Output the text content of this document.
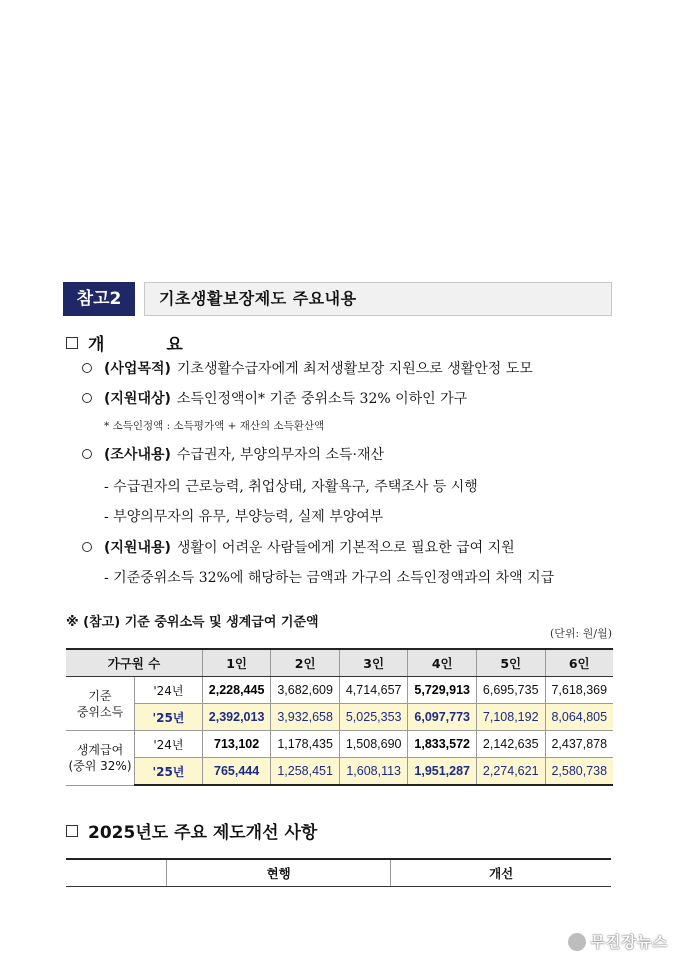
참고2	기초생활보장제도 주요내용
개 요
(사업목적) 기초생활수급자에게 최저생활보장 지원으로 생활안정 도모
(지원대상) 소득인정액이* 기준 중위소득 32% 이하인 가구
* 소득인정액 : 소득평가액 + 재산의 소득환산액
(조사내용) 수급권자, 부양의무자의 소득·재산
- 수급권자의 근로능력, 취업상태, 자활욕구, 주택조사 등 시행
- 부양의무자의 유무, 부양능력, 실제 부양여부
(지원내용) 생활이 어려운 사람들에게 기본적으로 필요한 급여 지원
- 기준중위소득 32%에 해당하는 금액과 가구의 소득인정액과의 차액 지급
※ (참고) 기준 중위소득 및 생계급여 기준액
(단위: 원/월)
가구원 수		1인	2인	3인	4인	5인	6인
기준
중위소득	'24년	2,228,445	3,682,609	4,714,657	5,729,913	6,695,735	7,618,369
	'25년	2,392,013	3,932,658	5,025,353	6,097,773	7,108,192	8,064,805
생계급여
(중위 32%)	'24년	713,102	1,178,435	1,508,690	1,833,572	2,142,635	2,437,878
	'25년	765,444	1,258,451	1,608,113	1,951,287	2,274,621	2,580,738
2025년도 주요 제도개선 사항
	현행	개선
무진장뉴스
